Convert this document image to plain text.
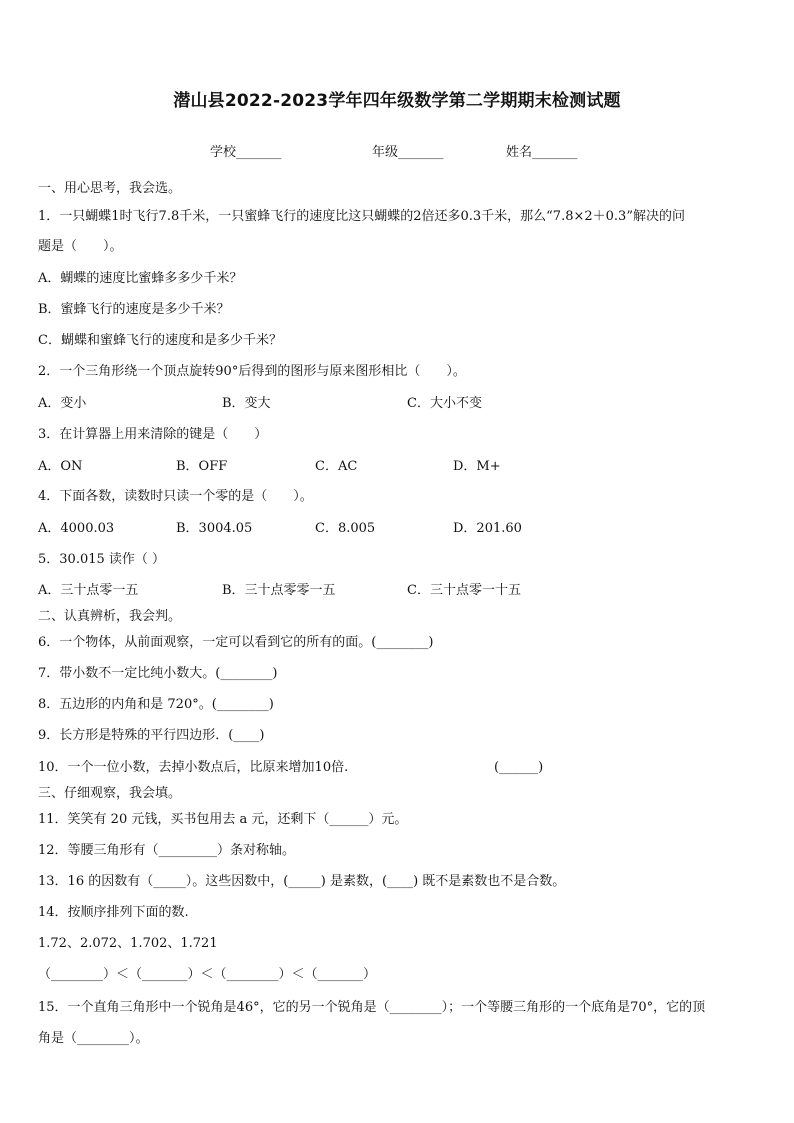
潜山县2022-2023学年四年级数学第二学期期末检测试题
学校_______	年级_______	姓名_______
一、用心思考，我会选。
1．一只蝴蝶1时飞行7.8千米，一只蜜蜂飞行的速度比这只蝴蝶的2倍还多0.3千米，那么“7.8×2＋0.3”解决的问
题是（　　）。
A．蝴蝶的速度比蜜蜂多多少千米？
B．蜜蜂飞行的速度是多少千米？
C．蝴蝶和蜜蜂飞行的速度和是多少千米？
2．一个三角形绕一个顶点旋转90°后得到的图形与原来图形相比（　　）。
A．变小	B．变大	C．大小不变
3．在计算器上用来清除的键是（　　）
A．ON	B．OFF	C．AC	D．M+
4．下面各数，读数时只读一个零的是（　　）。
A．4000.03	B．3004.05	C．8.005	D．201.60
5．30.015 读作（ ）
A．三十点零一五	B．三十点零零一五	C．三十点零一十五
二、认真辨析，我会判。
6．一个物体，从前面观察，一定可以看到它的所有的面。(________)
7．带小数不一定比纯小数大。(________)
8．五边形的内角和是 720°。(________)
9．长方形是特殊的平行四边形．(____)
10．一个一位小数，去掉小数点后，比原来增加10倍.	(______)
三、仔细观察，我会填。
11．笑笑有 20 元钱，买书包用去 a 元，还剩下（______）元。
12．等腰三角形有（_________）条对称轴。
13．16 的因数有（_____）。这些因数中，(_____) 是素数，(____) 既不是素数也不是合数。
14．按顺序排列下面的数.
1.72、2.072、1.702、1.721
（________）＜（_______）＜（________）＜（_______）
15．一个直角三角形中一个锐角是46°，它的另一个锐角是（________）；一个等腰三角形的一个底角是70°，它的顶
角是（________）。
